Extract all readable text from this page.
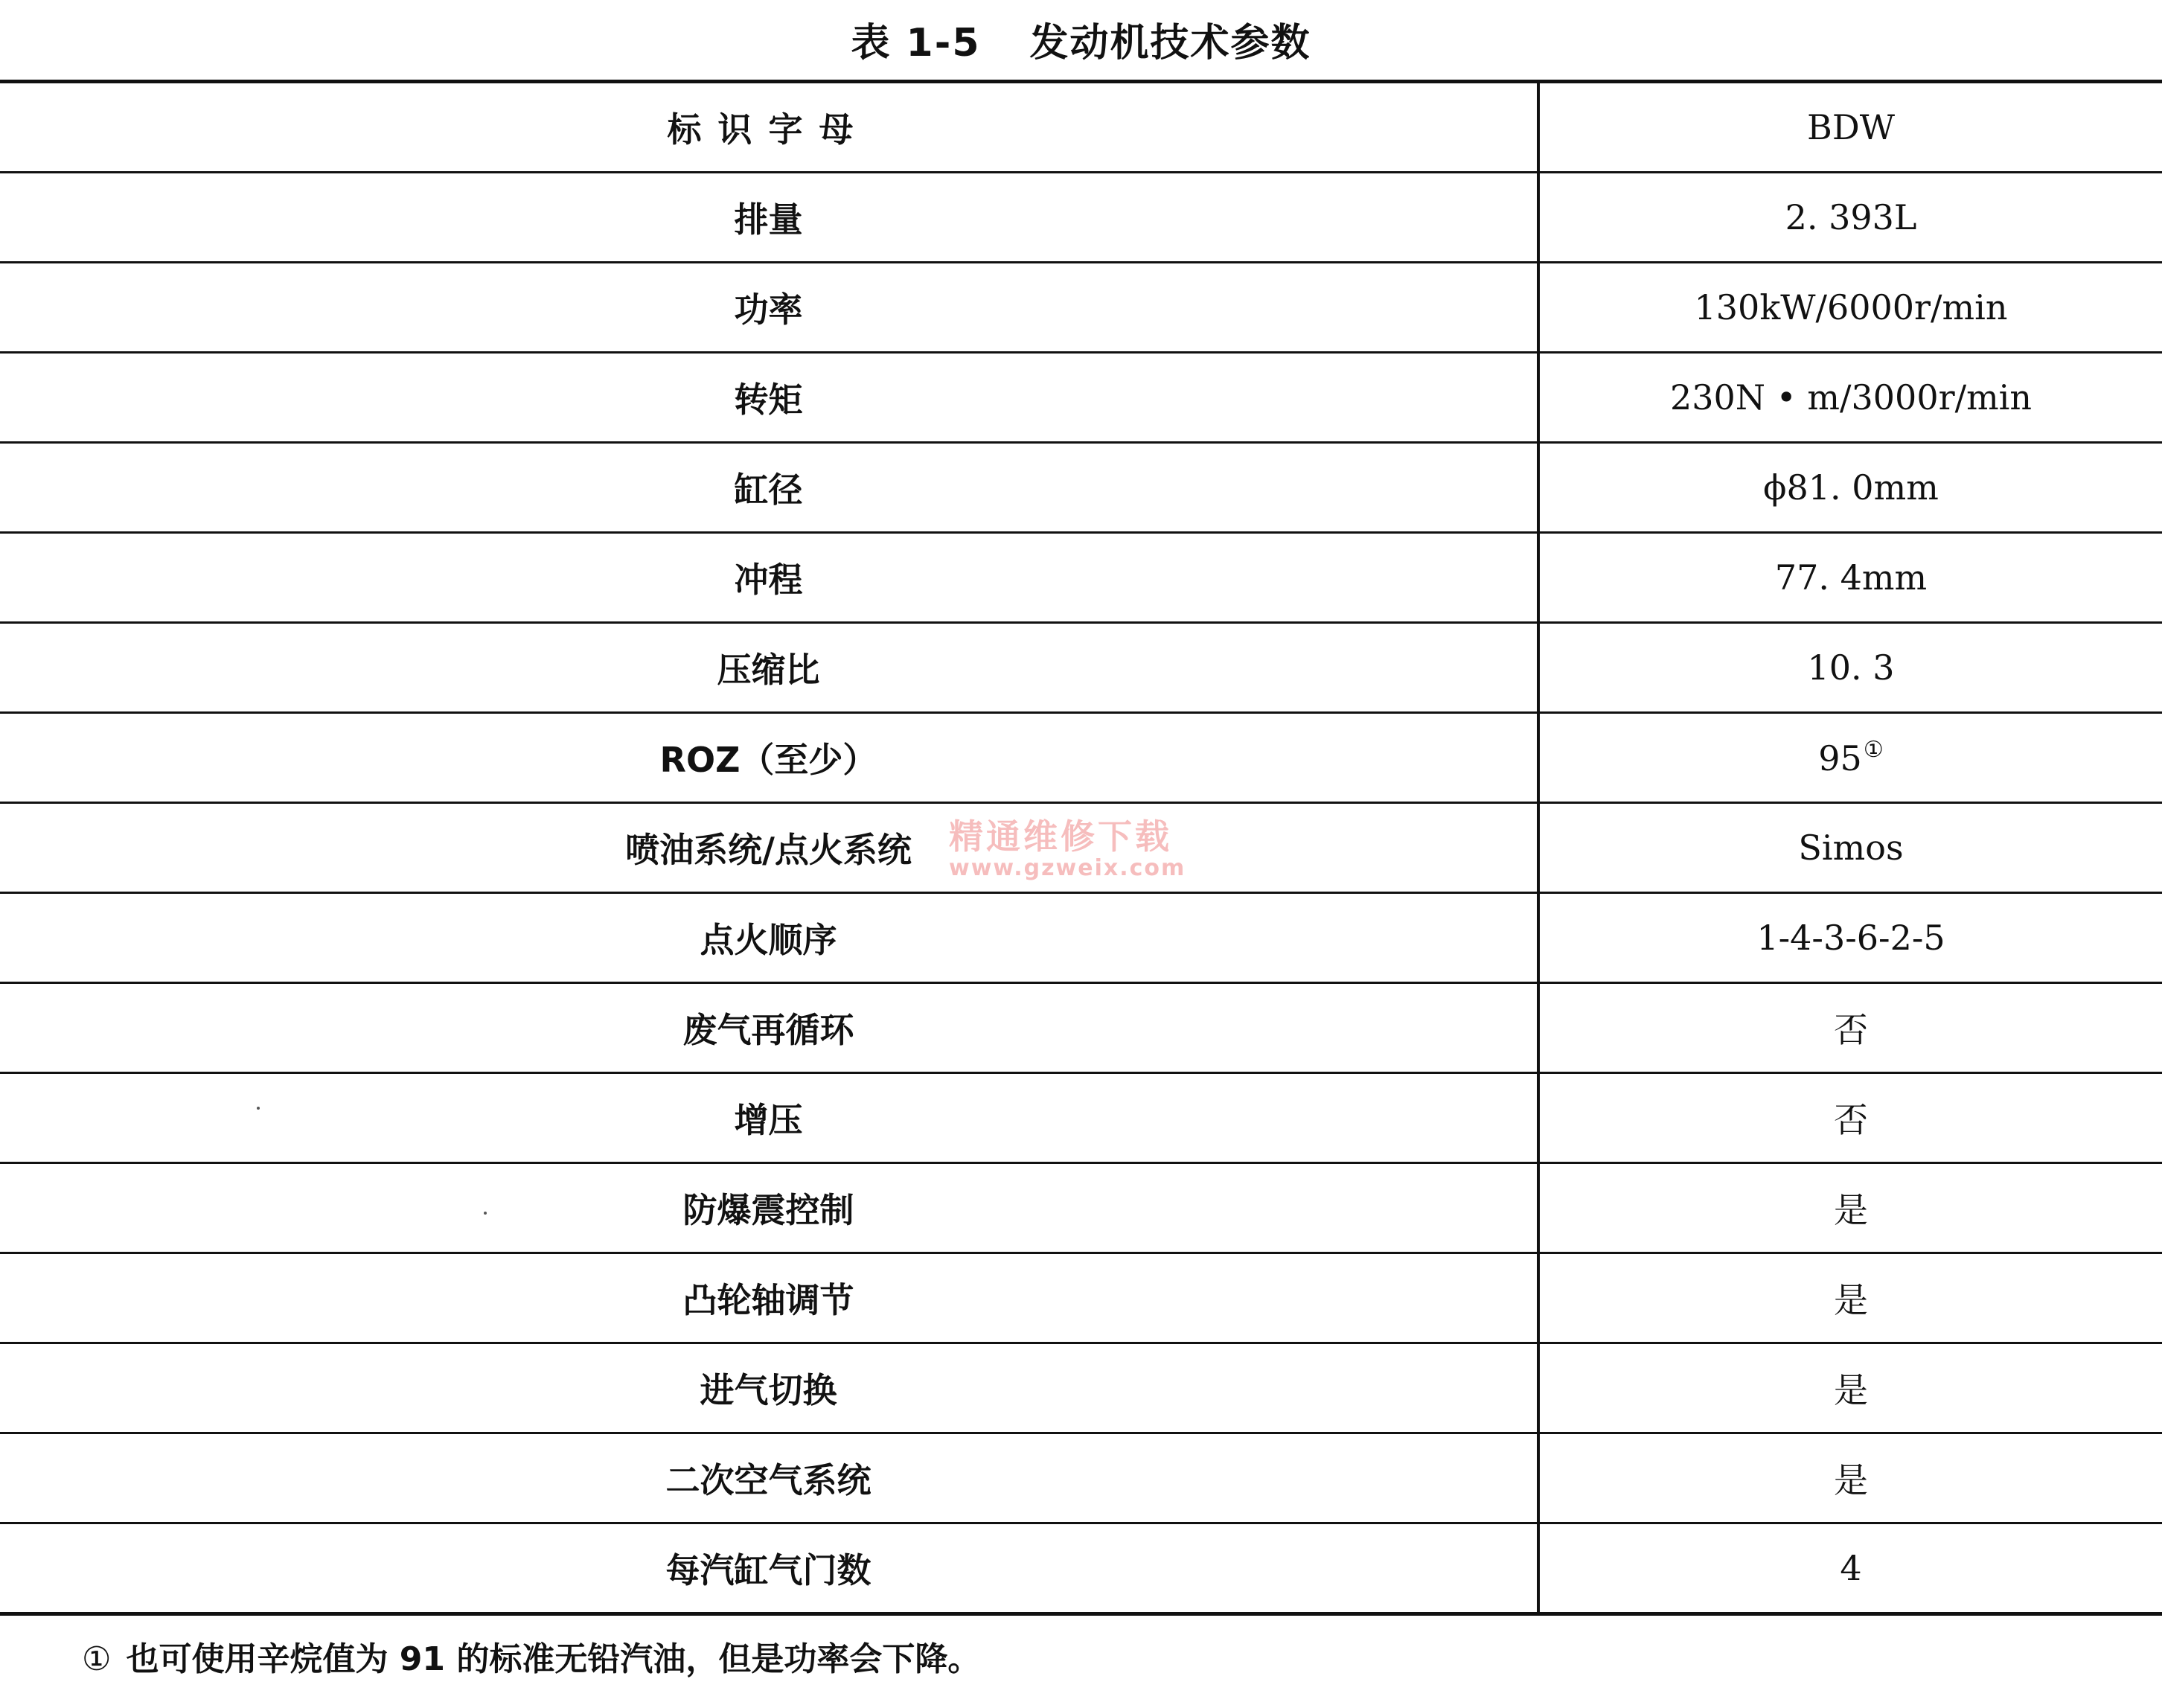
表 1-5 发动机技术参数
标识字母	BDW
排量	2. 393L
功率	130kW/6000r/min
转矩	230N • m/3000r/min
缸径	ϕ81. 0mm
冲程	77. 4mm
压缩比	10. 3
ROZ（至少）	95①
喷油系统/点火系统	Simos
点火顺序	1-4-3-6-2-5
废气再循环	否
增压	否
防爆震控制	是
凸轮轴调节	是
进气切换	是
二次空气系统	是
每汽缸气门数	4
精通维修下载
www.gzweix.com
① 也可使用辛烷值为 91 的标准无铅汽油，但是功率会下降。
